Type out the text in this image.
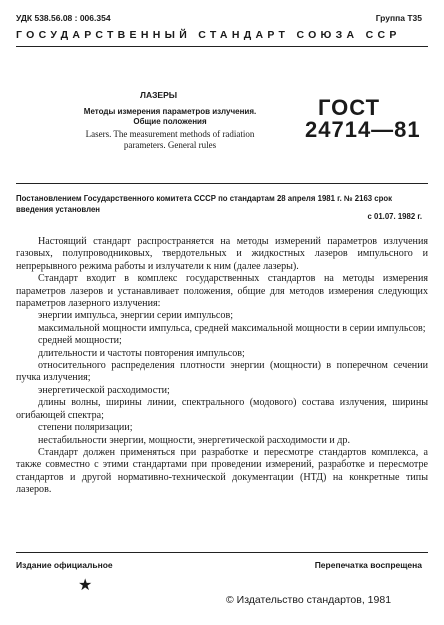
УДК 538.56.08 : 006.354	Группа Т35
ГОСУДАРСТВЕННЫЙ СТАНДАРТ СОЮЗА ССР
ЛАЗЕРЫ
Методы измерения параметров излучения.
Общие положения
Lasers. The measurement methods of radiation
parameters. General rules
ГОСТ
24714—81
Постановлением Государственного комитета СССР по стандартам 28 апреля 1981 г. № 2163 срок введения установлен
с 01.07. 1982 г.

Настоящий стандарт распространяется на методы измерений параметров излучения газовых, полупроводниковых, твердотельных и жидкостных лазеров импульсного и непрерывного режима работы и излучатели к ним (далее лазеры).

Стандарт входит в комплекс государственных стандартов на методы измерения параметров лазеров и устанавливает положения, общие для методов измерения следующих параметров лазерного излучения:

энергии импульса, энергии серии импульсов;

максимальной мощности импульса, средней максимальной мощности в серии импульсов;

средней мощности;

длительности и частоты повторения импульсов;

относительного распределения плотности энергии (мощности) в поперечном сечении пучка излучения;

энергетической расходимости;

длины волны, ширины линии, спектрального (модового) состава излучения, ширины огибающей спектра;

степени поляризации;

нестабильности энергии, мощности, энергетической расходимости и др.

Стандарт должен применяться при разработке и пересмотре стандартов комплекса, а также совместно с этими стандартами при проведении измерений, разработке и пересмотре стандартов и другой нормативно-технической документации (НТД) на конкретные типы лазеров.

Издание официальное	Перепечатка воспрещена
★
© Издательство стандартов, 1981
